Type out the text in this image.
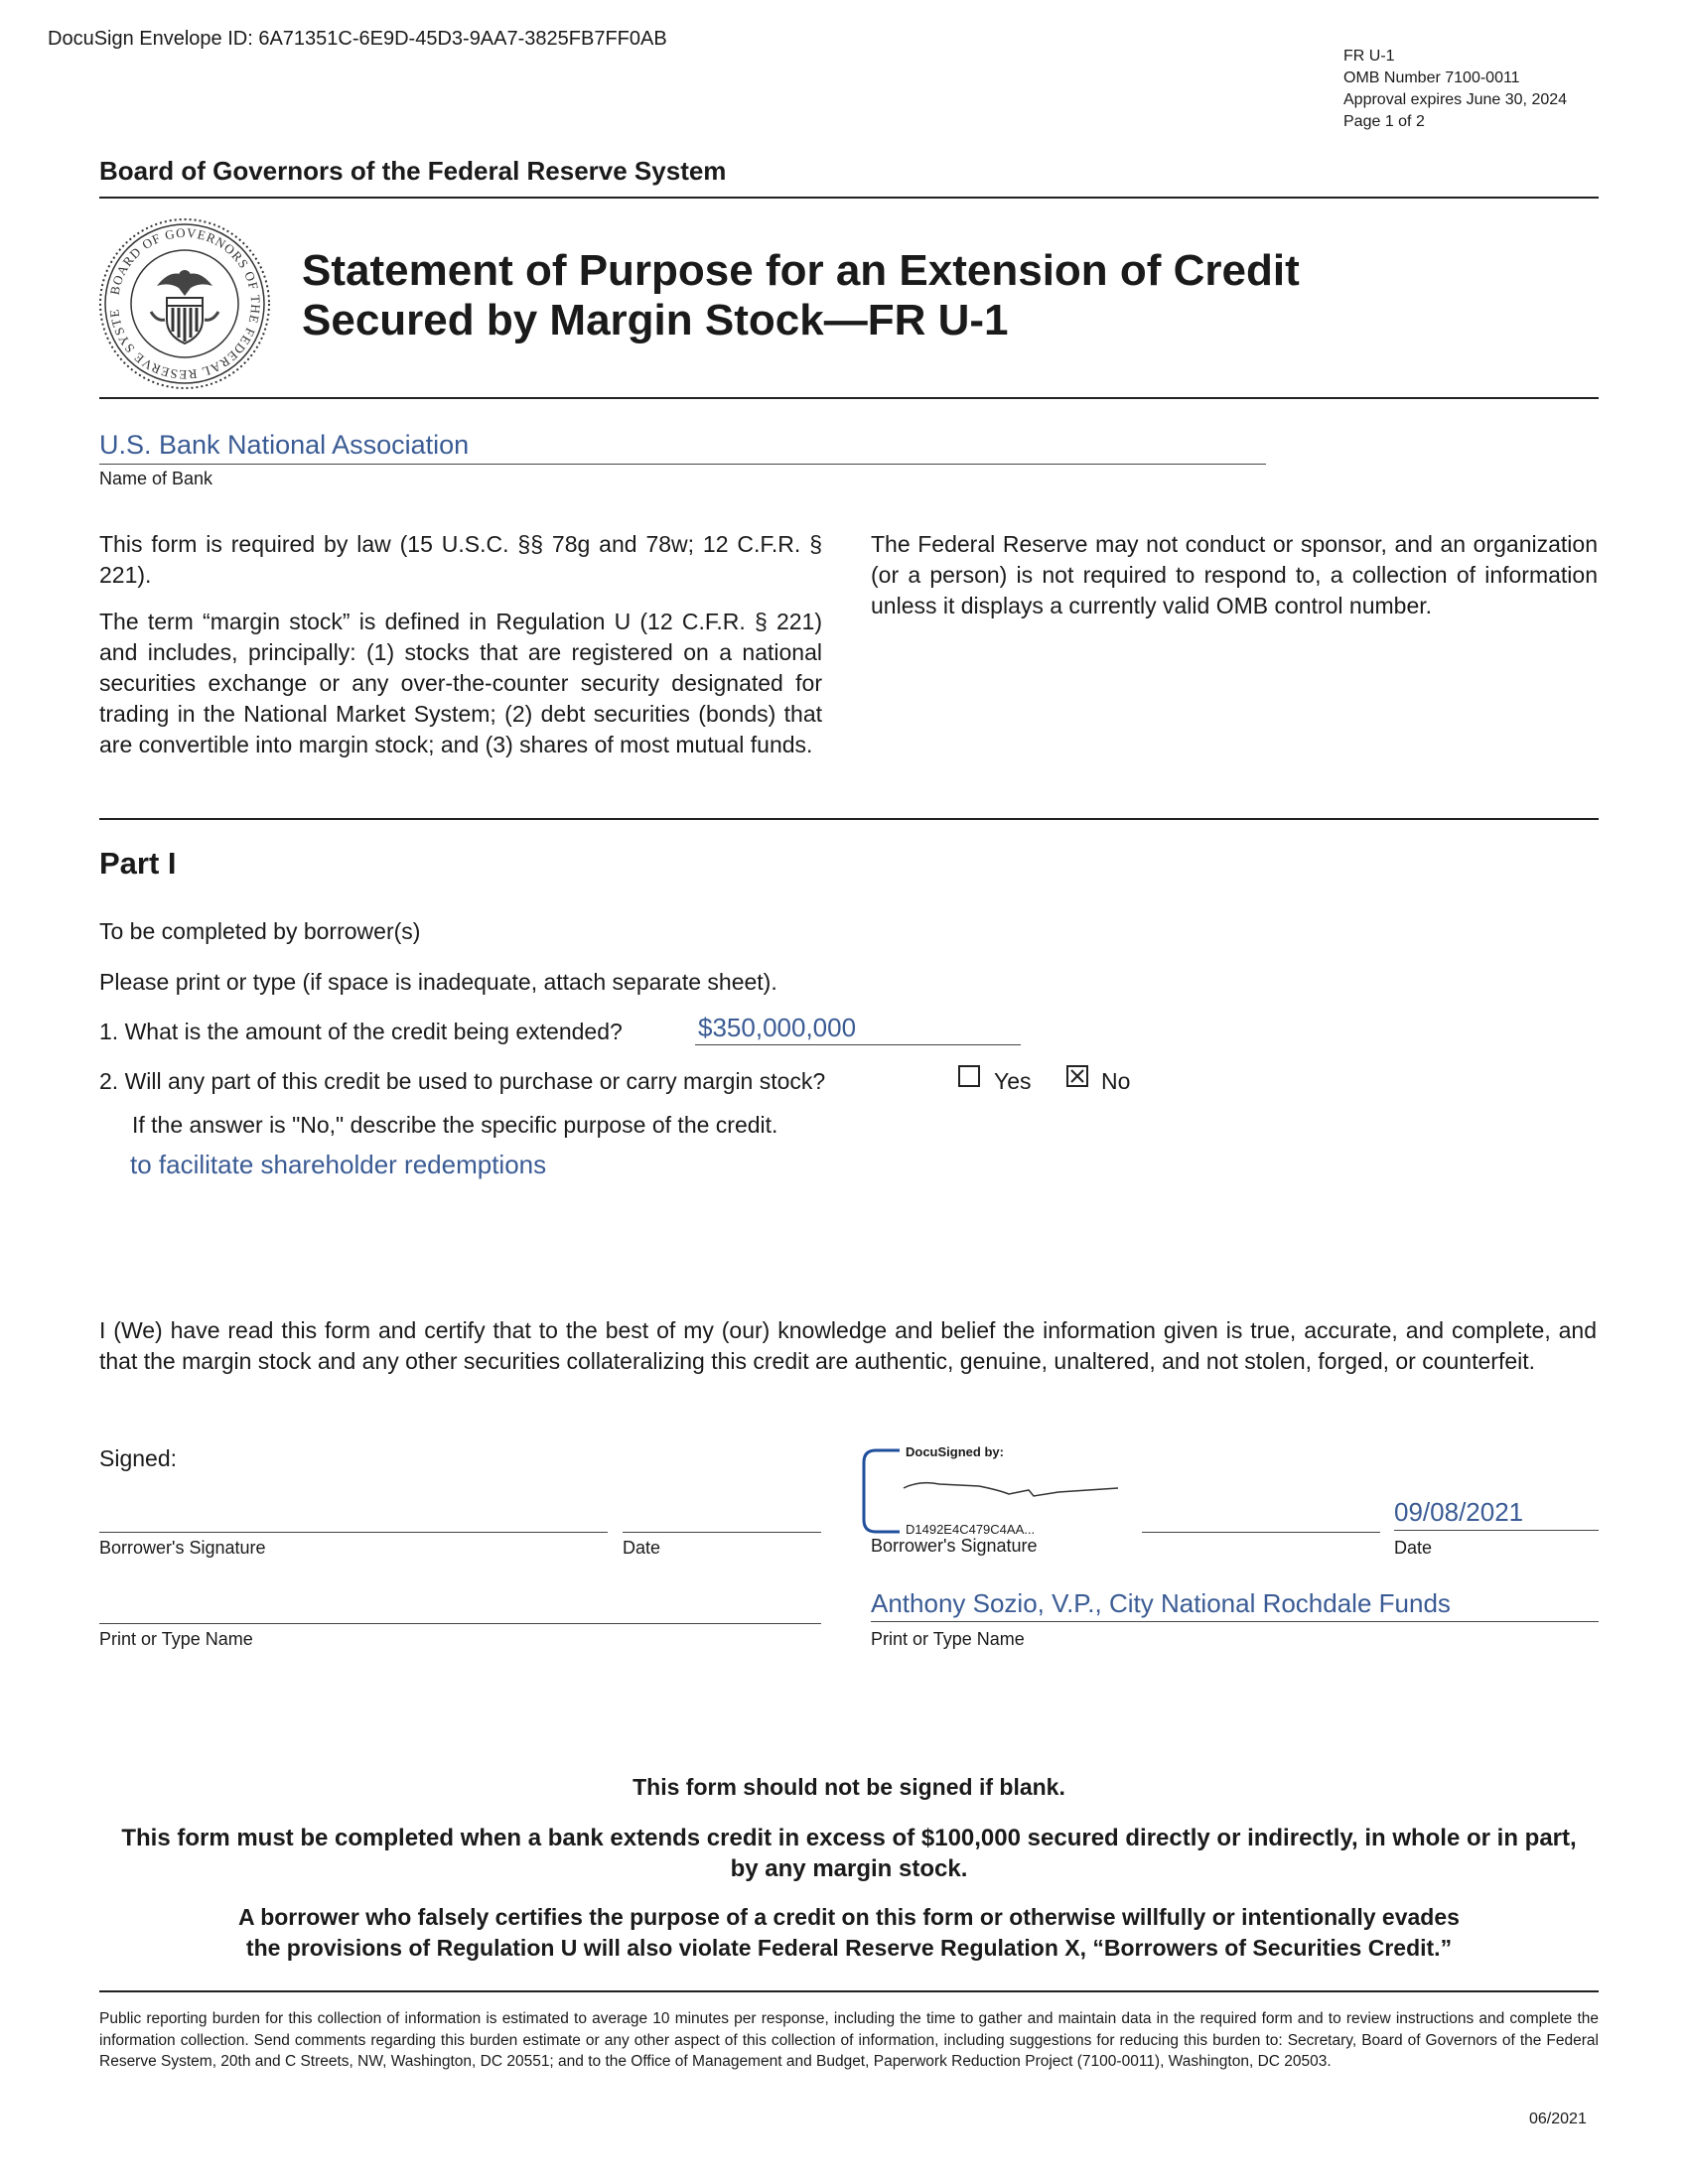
DocuSign Envelope ID: 6A71351C-6E9D-45D3-9AA7-3825FB7FF0AB
FR U-1
OMB Number 7100-0011
Approval expires June 30, 2024
Page 1 of 2
Board of Governors of the Federal Reserve System
BOARD OF GOVERNORS OF THE FEDERAL RESERVE SYSTE
Statement of Purpose for an Extension of Credit
Secured by Margin Stock—FR U-1
U.S. Bank National Association
Name of Bank
This form is required by law (15 U.S.C. §§ 78g and 78w; 12 C.F.R. § 221).
The term “margin stock” is defined in Regulation U (12 C.F.R. § 221) and includes, principally: (1) stocks that are registered on a national securities exchange or any over-the-counter security designated for trading in the National Market System; (2) debt securities (bonds) that are convertible into margin stock; and (3) shares of most mutual funds.
The Federal Reserve may not conduct or sponsor, and an organization (or a person) is not required to respond to, a collection of information unless it displays a currently valid OMB control number.
Part I
To be completed by borrower(s)
Please print or type (if space is inadequate, attach separate sheet).
1. What is the amount of the credit being extended?	$350,000,000
2. Will any part of this credit be used to purchase or carry margin stock?	Yes	No
If the answer is "No," describe the specific purpose of the credit.
to facilitate shareholder redemptions
I (We) have read this form and certify that to the best of my (our) knowledge and belief the information given is true, accurate, and complete, and that the margin stock and any other securities collateralizing this credit are authentic, genuine, unaltered, and not stolen, forged, or counterfeit.
Signed:
Borrower's Signature	Date
Print or Type Name
DocuSigned by:
D1492E4C479C4AA...
Borrower's Signature
09/08/2021
Date
Anthony Sozio, V.P., City National Rochdale Funds
Print or Type Name
This form should not be signed if blank.
This form must be completed when a bank extends credit in excess of $100,000 secured directly or indirectly, in whole or in part, by any margin stock.
A borrower who falsely certifies the purpose of a credit on this form or otherwise willfully or intentionally evades
the provisions of Regulation U will also violate Federal Reserve Regulation X, “Borrowers of Securities Credit.”
Public reporting burden for this collection of information is estimated to average 10 minutes per response, including the time to gather and maintain data in the required form and to review instructions and complete the information collection. Send comments regarding this burden estimate or any other aspect of this collection of information, including suggestions for reducing this burden to: Secretary, Board of Governors of the Federal Reserve System, 20th and C Streets, NW, Washington, DC 20551; and to the Office of Management and Budget, Paperwork Reduction Project (7100-0011), Washington, DC 20503.
06/2021
